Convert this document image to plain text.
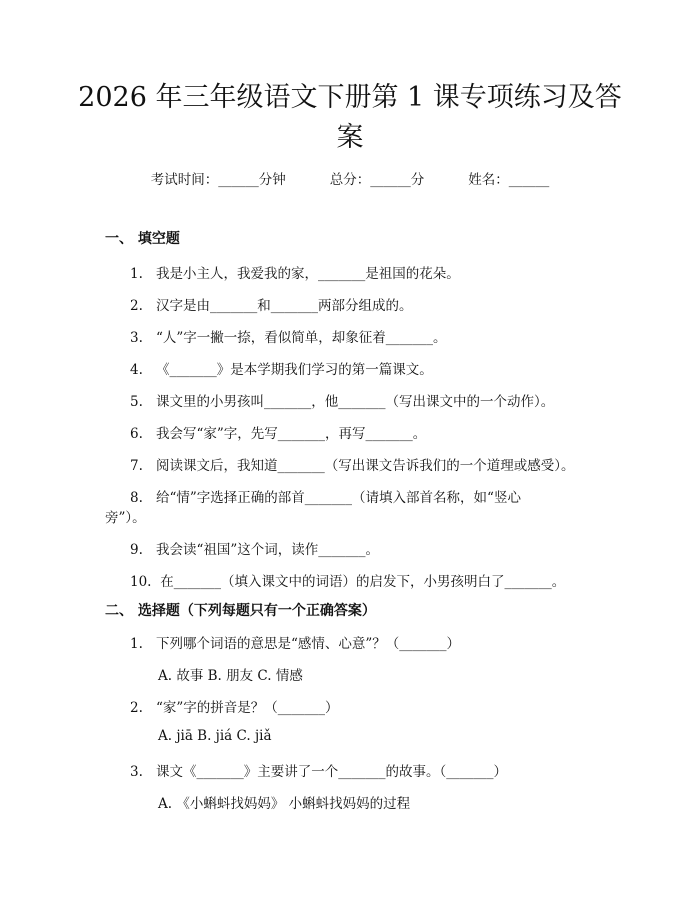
2026 年三年级语文下册第 1 课专项练习及答
案
考试时间：______分钟	总分：______分	姓名：______
一、 填空题
1. 我是小主人，我爱我的家，_______是祖国的花朵。
2. 汉字是由_______和_______两部分组成的。
3. “人”字一撇一捺，看似简单，却象征着_______。
4. 《_______》是本学期我们学习的第一篇课文。
5. 课文里的小男孩叫_______，他_______（写出课文中的一个动作）。
6. 我会写“家”字，先写_______，再写_______。
7. 阅读课文后，我知道_______（写出课文告诉我们的一个道理或感受）。
8. 给“情”字选择正确的部首_______（请填入部首名称，如“竖心
旁”）。
9. 我会读“祖国”这个词，读作_______。
10. 在_______（填入课文中的词语）的启发下，小男孩明白了_______。
二、 选择题（下列每题只有一个正确答案）
1. 下列哪个词语的意思是“感情、心意”？（_______）
A. 故事 B. 朋友 C. 情感
2. “家”字的拼音是？（_______）
A. jiā B. jiá C. jiǎ
3. 课文《_______》主要讲了一个_______的故事。（_______）
A. 《小蝌蚪找妈妈》 小蝌蚪找妈妈的过程
